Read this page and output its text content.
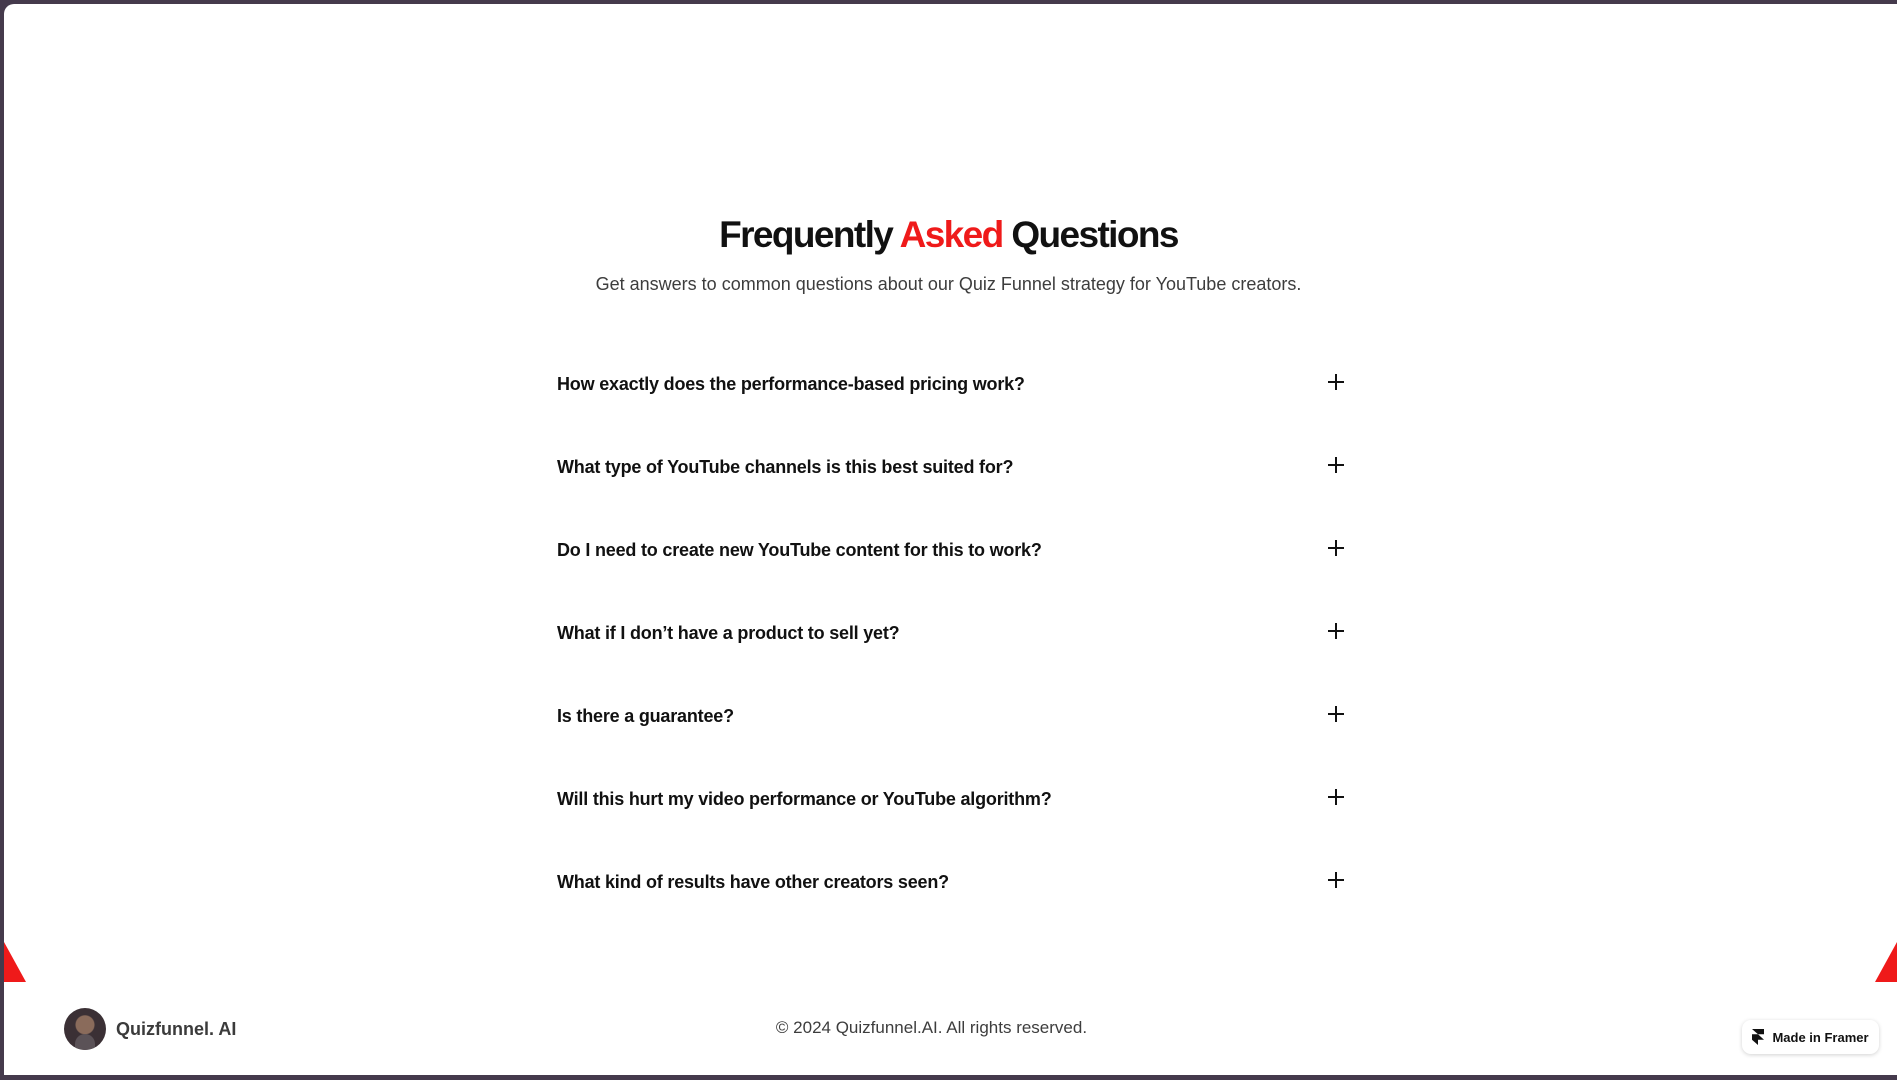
Frequently Asked Questions

Get answers to common questions about our Quiz Funnel strategy for YouTube creators.

How exactly does the performance-based pricing work?
What type of YouTube channels is this best suited for?
Do I need to create new YouTube content for this to work?
What if I don’t have a product to sell yet?
Is there a guarantee?
Will this hurt my video performance or YouTube algorithm?
What kind of results have other creators seen?
Quizfunnel. AI	© 2024 Quizfunnel.AI. All rights reserved.	Made in Framer
